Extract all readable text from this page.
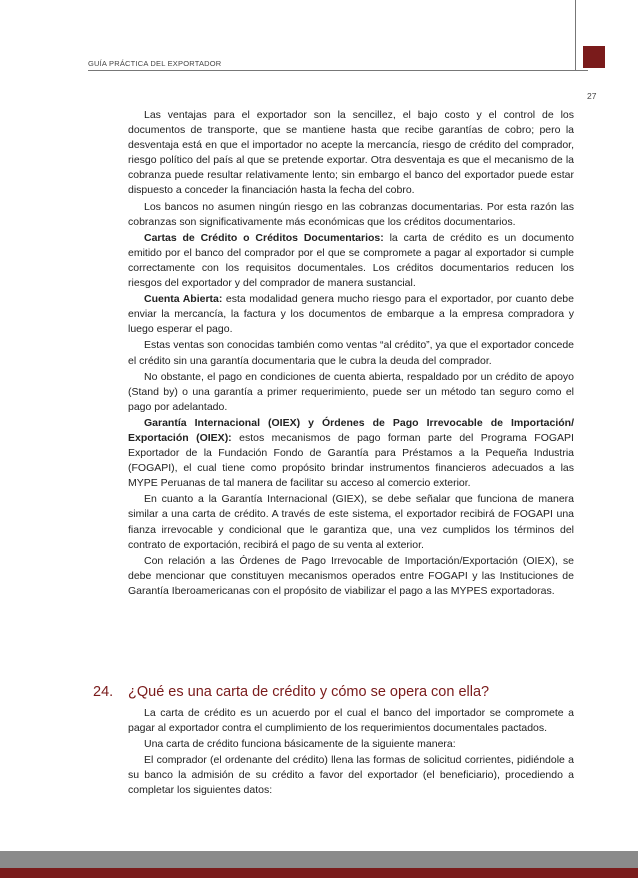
GUÍA PRÁCTICA DEL EXPORTADOR
27

Las ventajas para el exportador son la sencillez, el bajo costo y el control de los documentos de transporte, que se mantiene hasta que recibe garantías de cobro; pero la desventaja está en que el importador no acepte la mercancía, riesgo de crédito del comprador, riesgo político del país al que se pretende exportar. Otra desventaja es que el mecanismo de la cobranza puede resultar relativamente lento; sin embargo el banco del exportador puede estar dispuesto a conceder la financiación hasta la fecha del cobro.

Los bancos no asumen ningún riesgo en las cobranzas documentarias. Por esta razón las cobranzas son significativamente más económicas que los créditos documentarios.

Cartas de Crédito o Créditos Documentarios: la carta de crédito es un documento emitido por el banco del comprador por el que se compromete a pagar al exportador si cumple correctamente con los requisitos documentales. Los créditos documentarios reducen los riesgos del exportador y del comprador de manera sustancial.

Cuenta Abierta: esta modalidad genera mucho riesgo para el exportador, por cuanto debe enviar la mercancía, la factura y los documentos de embarque a la empresa compradora y luego esperar el pago.

Estas ventas son conocidas también como ventas “al crédito”, ya que el exportador concede el crédito sin una garantía documentaria que le cubra la deuda del comprador.

No obstante, el pago en condiciones de cuenta abierta, respaldado por un crédito de apoyo (Stand by) o una garantía a primer requerimiento, puede ser un método tan seguro como el pago por adelantado.

Garantía Internacional (OIEX) y Órdenes de Pago Irrevocable de Importación/ Exportación (OIEX): estos mecanismos de pago forman parte del Programa FOGAPI Exportador de la Fundación Fondo de Garantía para Préstamos a la Pequeña Industria (FOGAPI), el cual tiene como propósito brindar instrumentos financieros adecuados a las MYPE Peruanas de tal manera de facilitar su acceso al comercio exterior.

En cuanto a la Garantía Internacional (GIEX), se debe señalar que funciona de manera similar a una carta de crédito. A través de este sistema, el exportador recibirá de FOGAPI una fianza irrevocable y condicional que le garantiza que, una vez cumplidos los términos del contrato de exportación, recibirá el pago de su venta al exterior.

Con relación a las Órdenes de Pago Irrevocable de Importación/Exportación (OIEX), se debe mencionar que constituyen mecanismos operados entre FOGAPI y las Instituciones de Garantía Iberoamericanas con el propósito de viabilizar el pago a las MYPES exportadoras.

24. ¿Qué es una carta de crédito y cómo se opera con ella?

La carta de crédito es un acuerdo por el cual el banco del importador se compromete a pagar al exportador contra el cumplimiento de los requerimientos documentales pactados.

Una carta de crédito funciona básicamente de la siguiente manera:

El comprador (el ordenante del crédito) llena las formas de solicitud corrientes, pidiéndole a su banco la admisión de su crédito a favor del exportador (el beneficiario), procediendo a completar los siguientes datos:
